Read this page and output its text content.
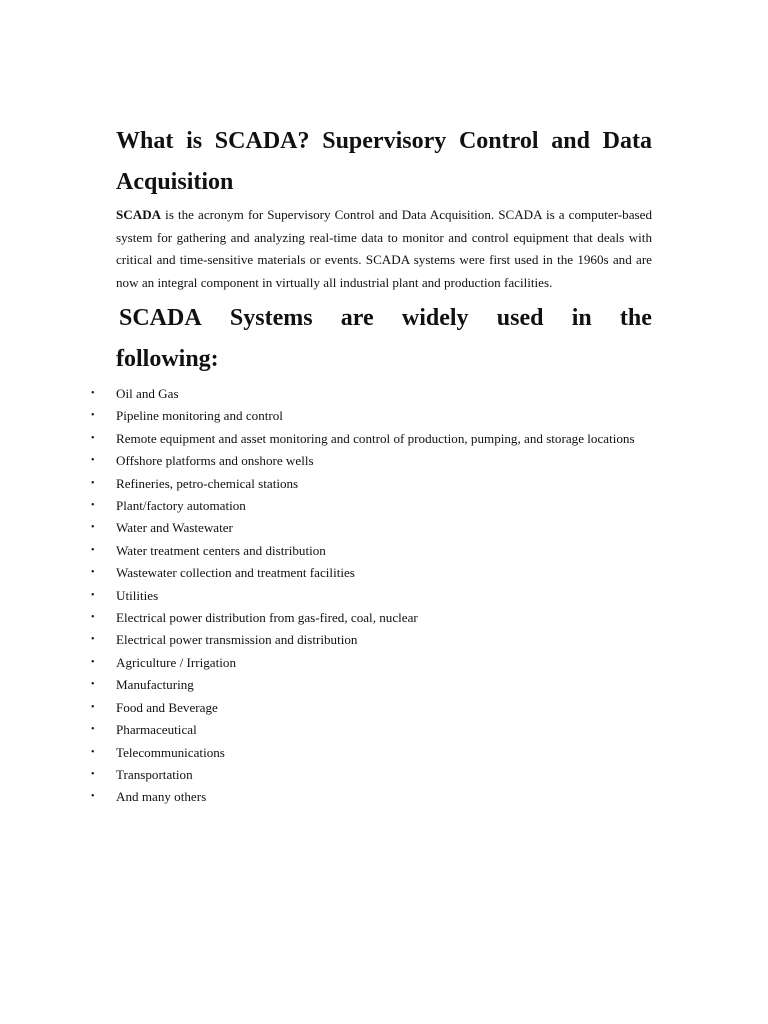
What is SCADA? Supervisory Control and Data Acquisition

SCADA is the acronym for Supervisory Control and Data Acquisition. SCADA is a computer-based system for gathering and analyzing real-time data to monitor and control equipment that deals with critical and time-sensitive materials or events. SCADA systems were first used in the 1960s and are now an integral component in virtually all industrial plant and production facilities.

SCADA Systems are widely used in the
following:
• Oil and Gas
• Pipeline monitoring and control
• Remote equipment and asset monitoring and control of production, pumping, and storage locations
• Offshore platforms and onshore wells
• Refineries, petro-chemical stations
• Plant/factory automation
• Water and Wastewater
• Water treatment centers and distribution
• Wastewater collection and treatment facilities
• Utilities
• Electrical power distribution from gas-fired, coal, nuclear
• Electrical power transmission and distribution
• Agriculture / Irrigation
• Manufacturing
• Food and Beverage
• Pharmaceutical
• Telecommunications
• Transportation
• And many others
